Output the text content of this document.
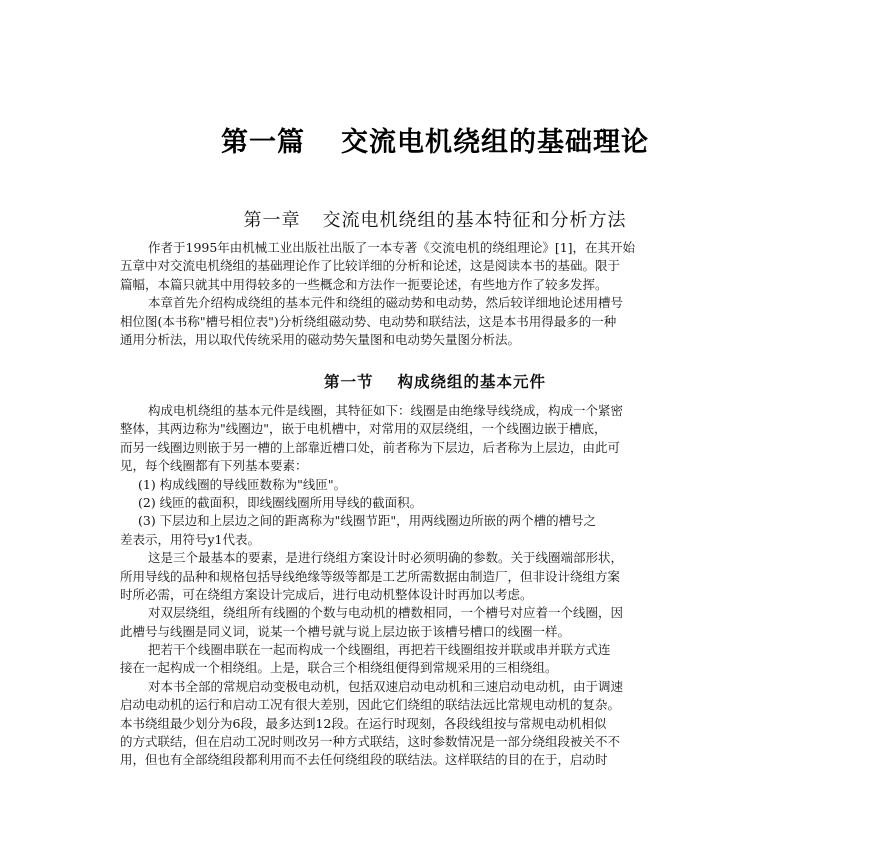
第一篇 交流电机绕组的基础理论
第一章 交流电机绕组的基本特征和分析方法
作者于1995年由机械工业出版社出版了一本专著《交流电机的绕组理论》[1]，在其开始
五章中对交流电机绕组的基础理论作了比较详细的分析和论述，这是阅读本书的基础。限于
篇幅，本篇只就其中用得较多的一些概念和方法作一扼要论述，有些地方作了较多发挥。
本章首先介绍构成绕组的基本元件和绕组的磁动势和电动势，然后较详细地论述用槽号
相位图(本书称"槽号相位表")分析绕组磁动势、电动势和联结法，这是本书用得最多的一种
通用分析法，用以取代传统采用的磁动势矢量图和电动势矢量图分析法。
第一节 构成绕组的基本元件
构成电机绕组的基本元件是线圈，其特征如下：线圈是由绝缘导线绕成，构成一个紧密
整体，其两边称为"线圈边"，嵌于电机槽中，对常用的双层绕组，一个线圈边嵌于槽底，
而另一线圈边则嵌于另一槽的上部靠近槽口处，前者称为下层边，后者称为上层边，由此可
见，每个线圈都有下列基本要素：
(1) 构成线圈的导线匝数称为"线匝"。
(2) 线匝的截面积，即线圈线圈所用导线的截面积。
(3) 下层边和上层边之间的距离称为"线圈节距"，用两线圈边所嵌的两个槽的槽号之
差表示，用符号y1代表。
这是三个最基本的要素，是进行绕组方案设计时必须明确的参数。关于线圈端部形状，
所用导线的品种和规格包括导线绝缘等级等都是工艺所需数据由制造厂，但非设计绕组方案
时所必需，可在绕组方案设计完成后，进行电动机整体设计时再加以考虑。
对双层绕组，绕组所有线圈的个数与电动机的槽数相同，一个槽号对应着一个线圈，因
此槽号与线圈是同义词，说某一个槽号就与说上层边嵌于该槽号槽口的线圈一样。
把若干个线圈串联在一起而构成一个线圈组，再把若干线圈组按并联或串并联方式连
接在一起构成一个相绕组。上是，联合三个相绕组便得到常规采用的三相绕组。
对本书全部的常规启动变极电动机，包括双速启动电动机和三速启动电动机，由于调速
启动电动机的运行和启动工况有很大差别，因此它们绕组的联结法远比常规电动机的复杂。
本书绕组最少划分为6段，最多达到12段。在运行时现刻，各段线组按与常规电动机相似
的方式联结，但在启动工况时则改另一种方式联结，这时参数情况是一部分绕组段被关不不
用，但也有全部绕组段都利用而不去任何绕组段的联结法。这样联结的目的在于，启动时
